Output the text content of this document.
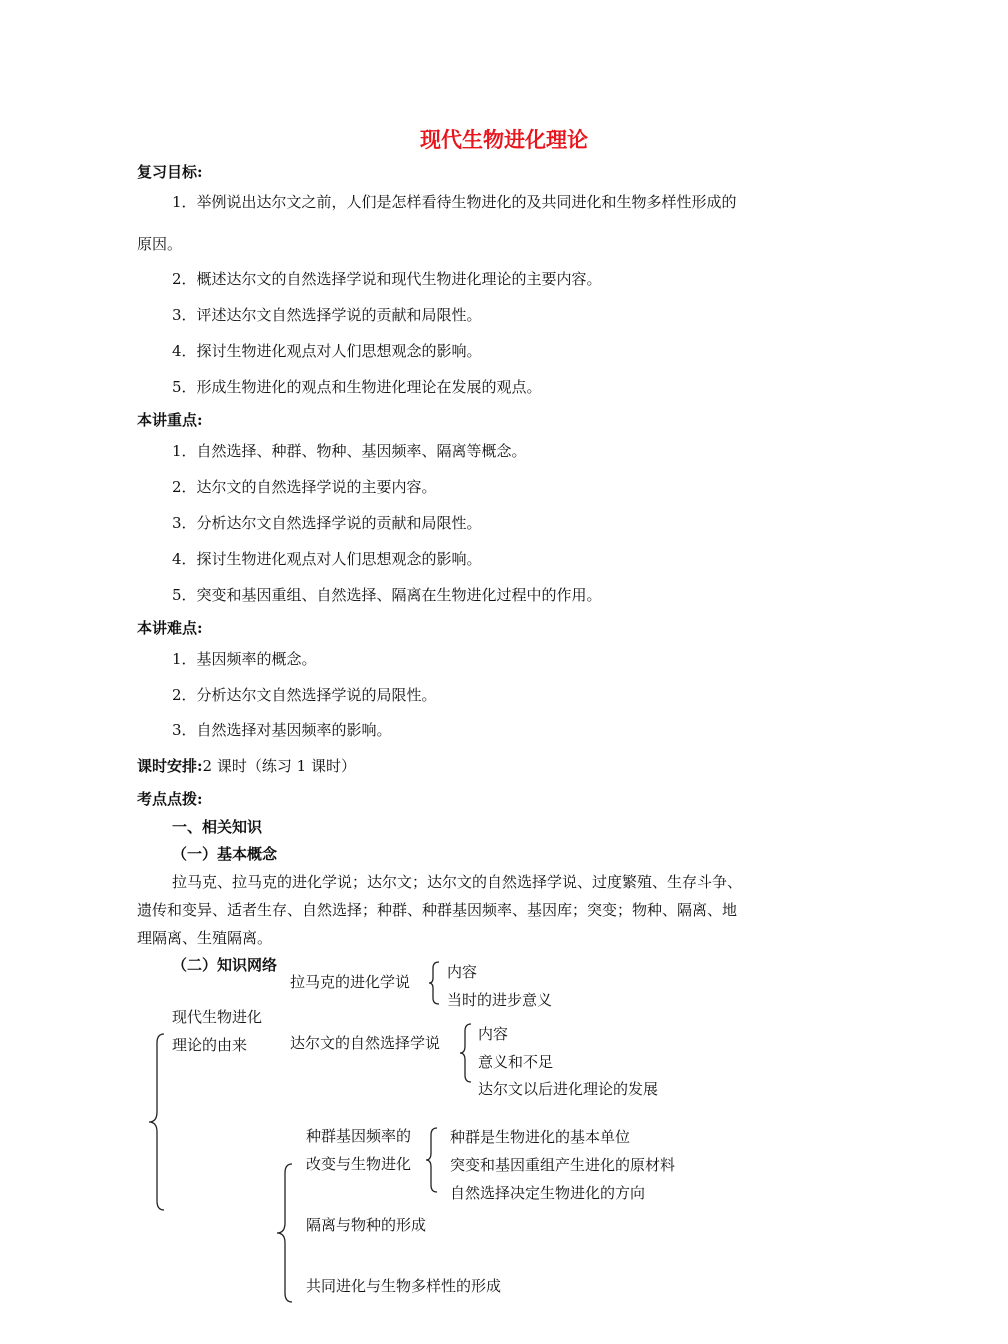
现代生物进化理论
复习目标:
1．举例说出达尔文之前，人们是怎样看待生物进化的及共同进化和生物多样性形成的
原因。
2．概述达尔文的自然选择学说和现代生物进化理论的主要内容。
3．评述达尔文自然选择学说的贡献和局限性。
4．探讨生物进化观点对人们思想观念的影响。
5．形成生物进化的观点和生物进化理论在发展的观点。
本讲重点:
1．自然选择、种群、物种、基因频率、隔离等概念。
2．达尔文的自然选择学说的主要内容。
3．分析达尔文自然选择学说的贡献和局限性。
4．探讨生物进化观点对人们思想观念的影响。
5．突变和基因重组、自然选择、隔离在生物进化过程中的作用。
本讲难点:
1．基因频率的概念。
2．分析达尔文自然选择学说的局限性。
3．自然选择对基因频率的影响。
课时安排:2 课时（练习 1 课时）
考点点拨:
一、相关知识
（一）基本概念
拉马克、拉马克的进化学说；达尔文；达尔文的自然选择学说、过度繁殖、生存斗争、
遗传和变异、适者生存、自然选择；种群、种群基因频率、基因库；突变；物种、隔离、地
理隔离、生殖隔离。
（二）知识网络
拉马克的进化学说
内容
当时的进步意义
现代生物进化
理论的由来	达尔文的自然选择学说	内容
意义和不足
达尔文以后进化理论的发展
种群基因频率的
改变与生物进化
种群是生物进化的基本单位
突变和基因重组产生进化的原材料
自然选择决定生物进化的方向
隔离与物种的形成
共同进化与生物多样性的形成
